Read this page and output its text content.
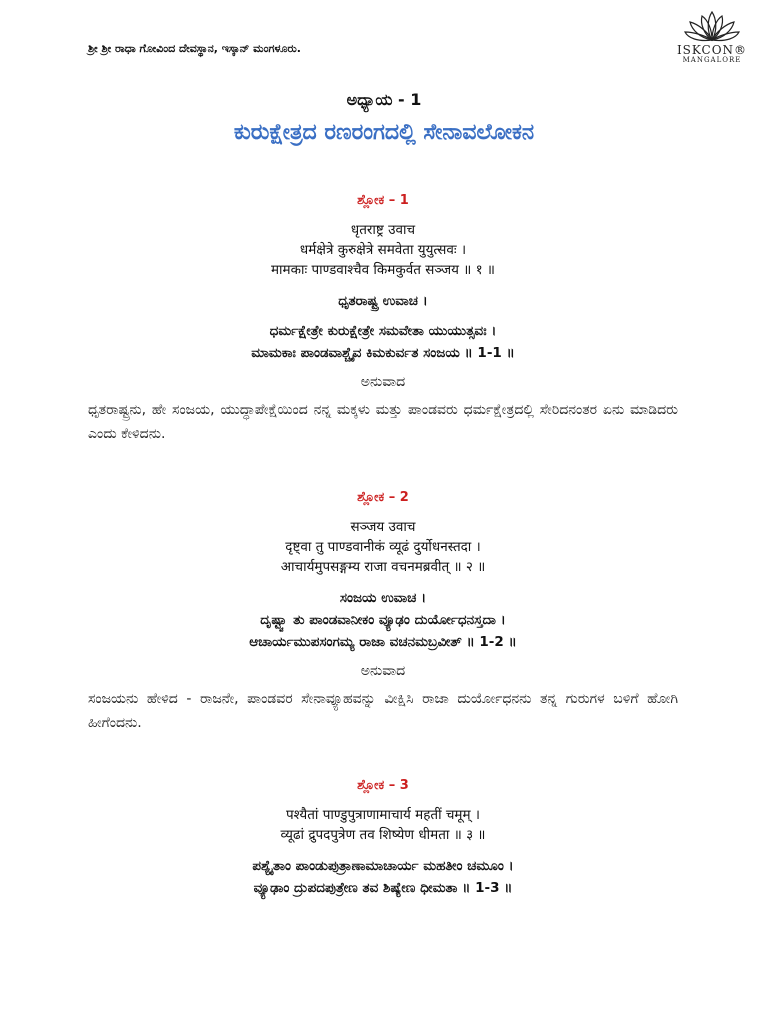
ಶ್ರೀ ಶ್ರೀ ರಾಧಾ ಗೋವಿಂದ ದೇವಸ್ಥಾನ, ಇಸ್ಕಾನ್ ಮಂಗಳೂರು.	ISKCON®
MANGALORE
ಅಧ್ಯಾಯ - 1
ಕುರುಕ್ಷೇತ್ರದ ರಣರಂಗದಲ್ಲಿ ಸೇನಾವಲೋಕನ
ಶ್ಲೋಕ – 1
धृतराष्ट्र उवाच
धर्मक्षेत्रे कुरुक्षेत्रे समवेता युयुत्सवः ।
मामकाः पाण्डवाश्चैव किमकुर्वत सञ्जय ॥ १ ॥
ಧೃತರಾಷ್ಟ್ರ ಉವಾಚ ।
ಧರ್ಮಕ್ಷೇತ್ರೇ ಕುರುಕ್ಷೇತ್ರೇ ಸಮವೇತಾ ಯುಯುತ್ಸವಃ ।
ಮಾಮಕಾಃ ಪಾಂಡವಾಶ್ಚೈವ ಕಿಮಕುರ್ವತ ಸಂಜಯ ॥ 1-1 ॥
ಅನುವಾದ
ಧೃತರಾಷ್ಟ್ರನು, ಹೇ ಸಂಜಯ, ಯುದ್ಧಾಪೇಕ್ಷೆಯಿಂದ ನನ್ನ ಮಕ್ಕಳು ಮತ್ತು ಪಾಂಡವರು ಧರ್ಮಕ್ಷೇತ್ರದಲ್ಲಿ ಸೇರಿದನಂತರ ಏನು ಮಾಡಿದರು ಎಂದು ಕೇಳಿದನು.
ಶ್ಲೋಕ – 2
सञ्जय उवाच
दृष्ट्वा तु पाण्डवानीकं व्यूढं दुर्योधनस्तदा ।
आचार्यमुपसङ्गम्य राजा वचनमब्रवीत् ॥ २ ॥
ಸಂಜಯ ಉವಾಚ ।
ದೃಷ್ಟ್ವಾ ತು ಪಾಂಡವಾನೀಕಂ ವ್ಯೂಢಂ ದುರ್ಯೋಧನಸ್ತದಾ ।
ಆಚಾರ್ಯಮುಪಸಂಗಮ್ಯ ರಾಜಾ ವಚನಮಬ್ರವೀತ್ ॥ 1-2 ॥
ಅನುವಾದ
ಸಂಜಯನು ಹೇಳಿದ - ರಾಜನೇ, ಪಾಂಡವರ ಸೇನಾವ್ಯೂಹವನ್ನು ವೀಕ್ಷಿಸಿ ರಾಜಾ ದುರ್ಯೋಧನನು ತನ್ನ ಗುರುಗಳ ಬಳಿಗೆ ಹೋಗಿ ಹೀಗೆಂದನು.
ಶ್ಲೋಕ – 3
पश्यैतां पाण्डुपुत्राणामाचार्य महतीं चमूम् ।
व्यूढां द्रुपदपुत्रेण तव शिष्येण धीमता ॥ ३ ॥
ಪಶ್ಯೈತಾಂ ಪಾಂಡುಪುತ್ರಾಣಾಮಾಚಾರ್ಯ ಮಹತೀಂ ಚಮೂಂ ।
ವ್ಯೂಢಾಂ ದ್ರುಪದಪುತ್ರೇಣ ತವ ಶಿಷ್ಯೇಣ ಧೀಮತಾ ॥ 1-3 ॥
